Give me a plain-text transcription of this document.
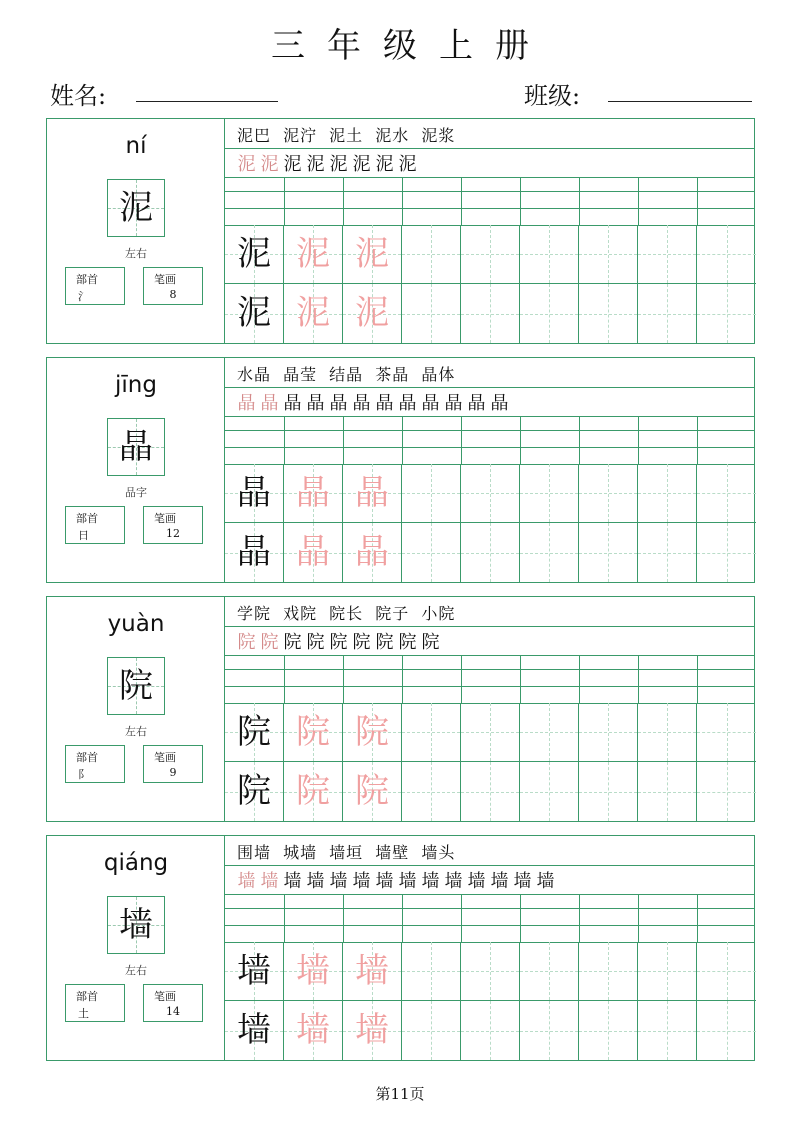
三年级上册
姓名:	班级:
ní
泥
左右
部首
氵
笔画
8
泥巴 泥泞 泥土 泥水 泥浆
泥 泥 泥 泥 泥 泥 泥 泥
泥 泥 泥
泥 泥 泥
jīng
晶
品字
部首
日
笔画
12
水晶 晶莹 结晶 茶晶 晶体
晶 晶 晶 晶 晶 晶 晶 晶 晶 晶 晶 晶
晶 晶 晶
晶 晶 晶
yuàn
院
左右
部首
阝
笔画
9
学院 戏院 院长 院子 小院
院 院 院 院 院 院 院 院 院
院 院 院
院 院 院
qiáng
墙
左右
部首
土
笔画
14
围墙 城墙 墙垣 墙壁 墙头
墙 墙 墙 墙 墙 墙 墙 墙 墙 墙 墙 墙 墙 墙
墙 墙 墙
墙 墙 墙
第11页
